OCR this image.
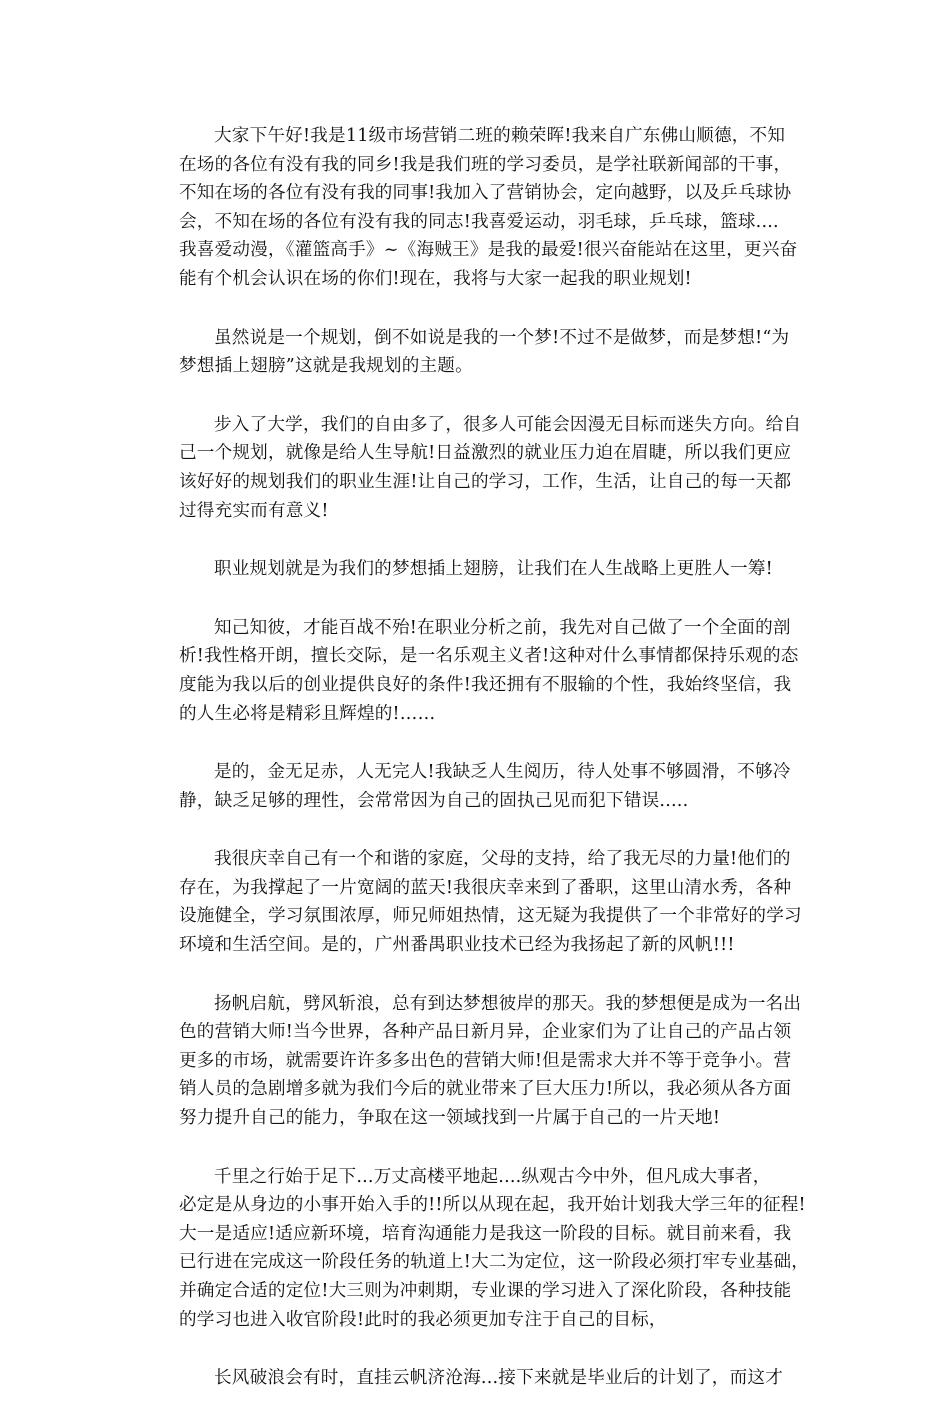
大家下午好!我是11级市场营销二班的赖荣晖!我来自广东佛山顺德，不知
在场的各位有没有我的同乡!我是我们班的学习委员，是学社联新闻部的干事，
不知在场的各位有没有我的同事!我加入了营销协会，定向越野，以及乒乓球协
会，不知在场的各位有没有我的同志!我喜爱运动，羽毛球，乒乓球，篮球....
我喜爱动漫，《灌篮高手》~《海贼王》是我的最爱!很兴奋能站在这里，更兴奋
能有个机会认识在场的你们!现在，我将与大家一起我的职业规划!
虽然说是一个规划，倒不如说是我的一个梦!不过不是做梦，而是梦想!“为
梦想插上翅膀”这就是我规划的主题。
步入了大学，我们的自由多了，很多人可能会因漫无目标而迷失方向。给自
己一个规划，就像是给人生导航!日益激烈的就业压力迫在眉睫，所以我们更应
该好好的规划我们的职业生涯!让自己的学习，工作，生活，让自己的每一天都
过得充实而有意义!
职业规划就是为我们的梦想插上翅膀，让我们在人生战略上更胜人一筹!
知己知彼，才能百战不殆!在职业分析之前，我先对自己做了一个全面的剖
析!我性格开朗，擅长交际，是一名乐观主义者!这种对什么事情都保持乐观的态
度能为我以后的创业提供良好的条件!我还拥有不服输的个性，我始终坚信，我
的人生必将是精彩且辉煌的!……
是的，金无足赤，人无完人!我缺乏人生阅历，待人处事不够圆滑，不够冷
静，缺乏足够的理性，会常常因为自己的固执己见而犯下错误.....
我很庆幸自己有一个和谐的家庭，父母的支持，给了我无尽的力量!他们的
存在，为我撑起了一片宽阔的蓝天!我很庆幸来到了番职，这里山清水秀，各种
设施健全，学习氛围浓厚，师兄师姐热情，这无疑为我提供了一个非常好的学习
环境和生活空间。是的，广州番禺职业技术已经为我扬起了新的风帆!!!
扬帆启航，劈风斩浪，总有到达梦想彼岸的那天。我的梦想便是成为一名出
色的营销大师!当今世界，各种产品日新月异，企业家们为了让自己的产品占领
更多的市场，就需要许许多多出色的营销大师!但是需求大并不等于竞争小。营
销人员的急剧增多就为我们今后的就业带来了巨大压力!所以，我必须从各方面
努力提升自己的能力，争取在这一领域找到一片属于自己的一片天地!
千里之行始于足下...万丈高楼平地起....纵观古今中外，但凡成大事者，
必定是从身边的小事开始入手的!!所以从现在起，我开始计划我大学三年的征程!
大一是适应!适应新环境，培育沟通能力是我这一阶段的目标。就目前来看，我
已行进在完成这一阶段任务的轨道上!大二为定位，这一阶段必须打牢专业基础，
并确定合适的定位!大三则为冲刺期，专业课的学习进入了深化阶段，各种技能
的学习也进入收官阶段!此时的我必须更加专注于自己的目标，
长风破浪会有时，直挂云帆济沧海...接下来就是毕业后的计划了，而这才
